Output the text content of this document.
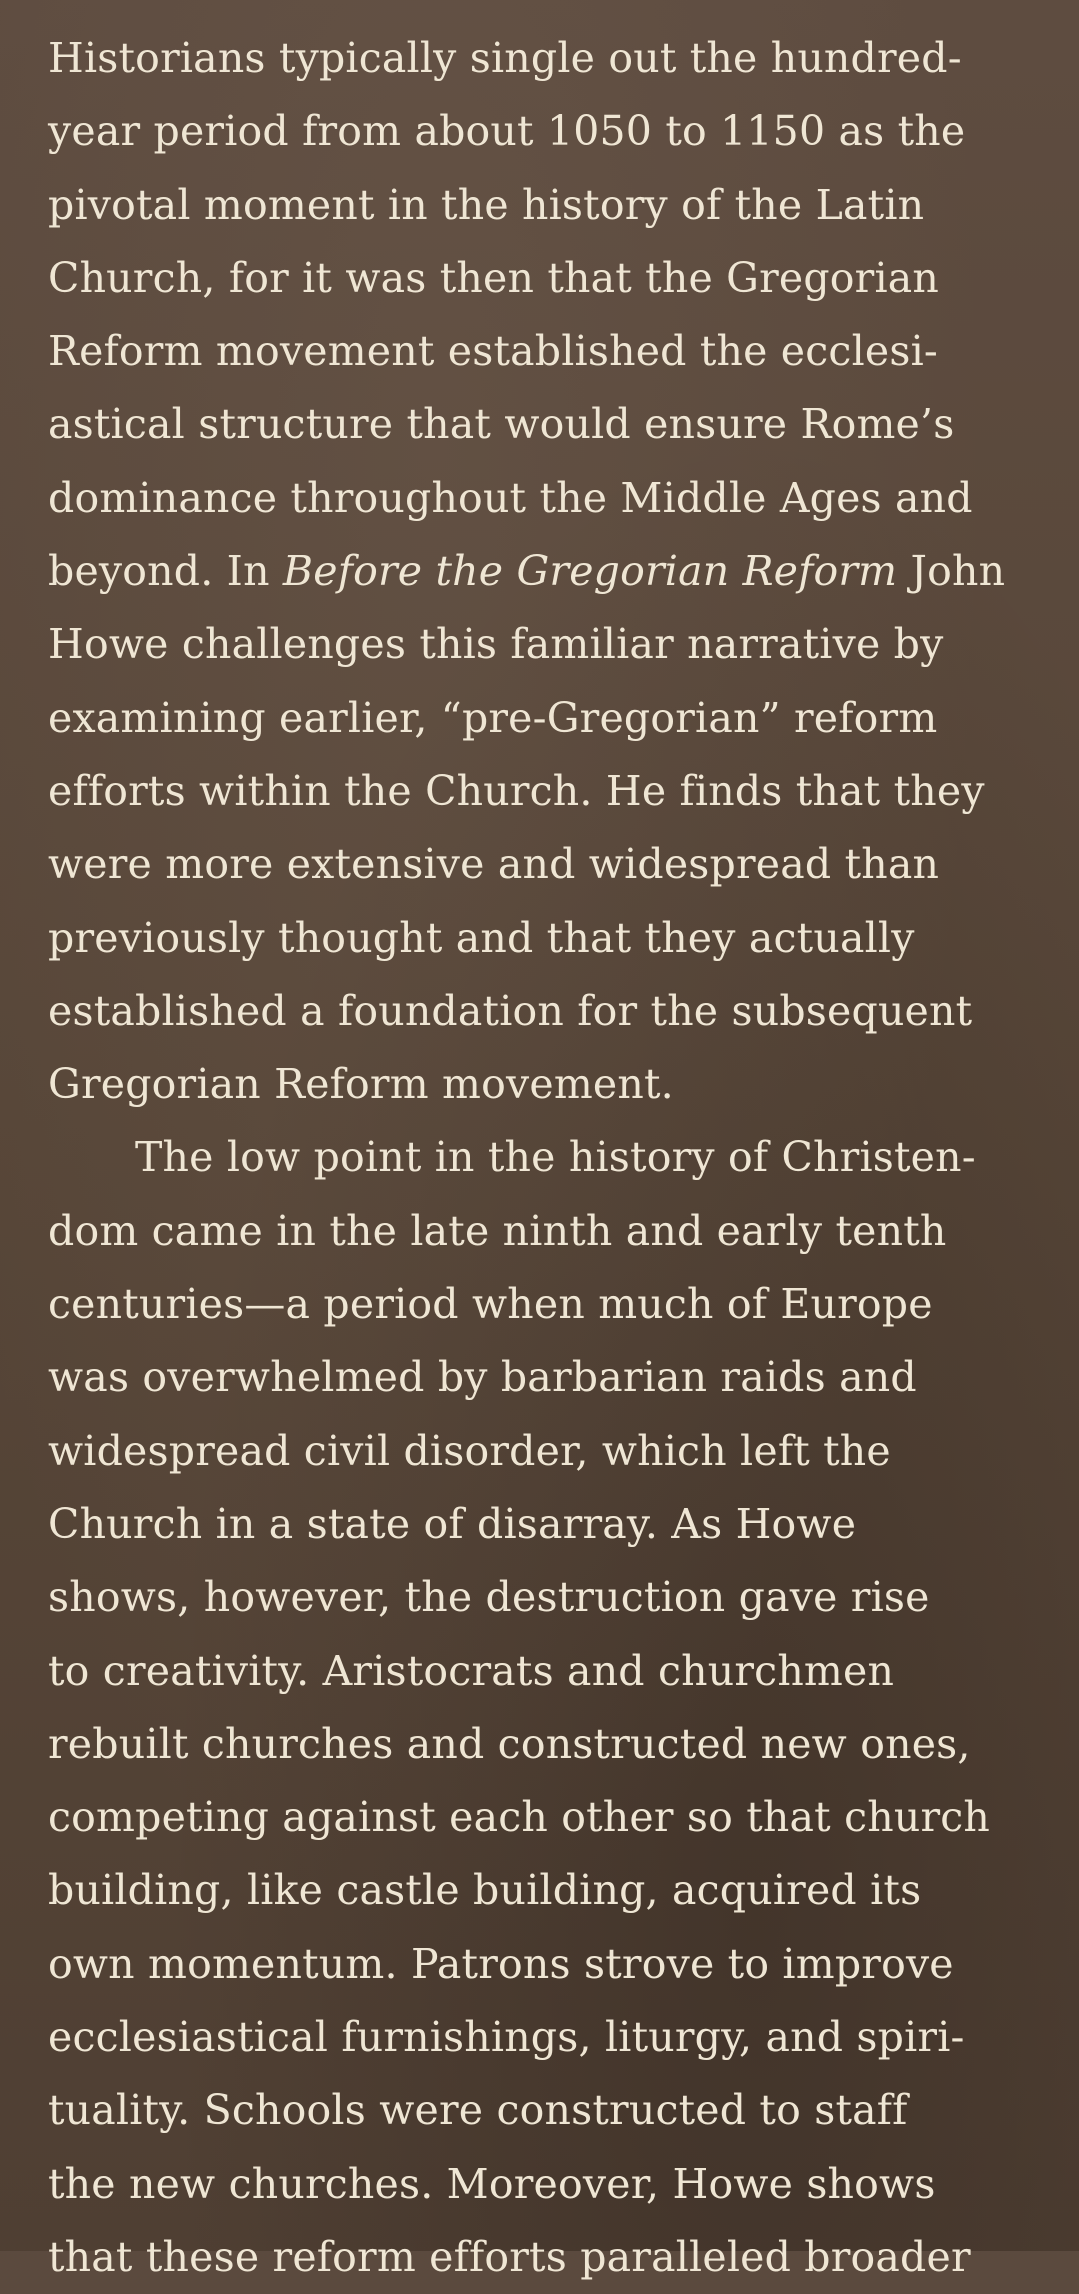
Historians typically single out the hundred-
year period from about 1050 to 1150 as the
pivotal moment in the history of the Latin
Church, for it was then that the Gregorian
Reform movement established the ecclesi-
astical structure that would ensure Rome’s
dominance throughout the Middle Ages and
beyond. In Before the Gregorian Reform John
Howe challenges this familiar narrative by
examining earlier, “pre-Gregorian” reform
efforts within the Church. He finds that they
were more extensive and widespread than
previously thought and that they actually
established a foundation for the subsequent
Gregorian Reform movement.
The low point in the history of Christen-
dom came in the late ninth and early tenth
centuries—a period when much of Europe
was overwhelmed by barbarian raids and
widespread civil disorder, which left the
Church in a state of disarray. As Howe
shows, however, the destruction gave rise
to creativity. Aristocrats and churchmen
rebuilt churches and constructed new ones,
competing against each other so that church
building, like castle building, acquired its
own momentum. Patrons strove to improve
ecclesiastical furnishings, liturgy, and spiri-
tuality. Schools were constructed to staff
the new churches. Moreover, Howe shows
that these reform efforts paralleled broader
